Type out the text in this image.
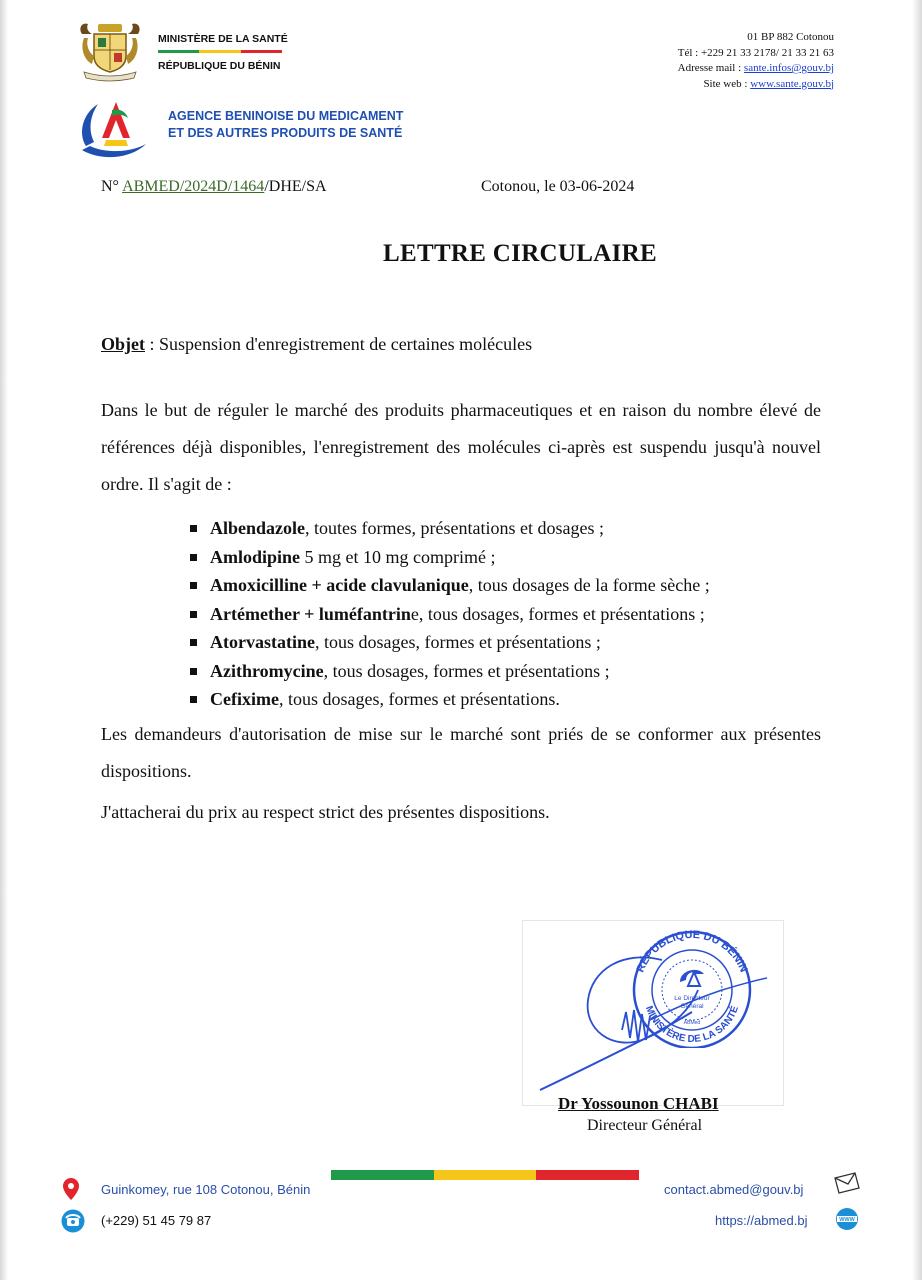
MINISTÈRE DE LA SANTÉ
RÉPUBLIQUE DU BÉNIN
01 BP 882 Cotonou
Tél : +229 21 33 2178/ 21 33 21 63
Adresse mail : sante.infos@gouv.bj
Site web : www.sante.gouv.bj
AGENCE BENINOISE DU MEDICAMENT
ET DES AUTRES PRODUITS DE SANTÉ
N° ABMED/2024D/1464/DHE/SA	Cotonou, le 03-06-2024
LETTRE CIRCULAIRE
Objet : Suspension d'enregistrement de certaines molécules
Dans le but de réguler le marché des produits pharmaceutiques et en raison du nombre élevé de références déjà disponibles, l'enregistrement des molécules ci-après est suspendu jusqu'à nouvel ordre. Il s'agit de :
Albendazole, toutes formes, présentations et dosages ;
Amlodipine 5 mg et 10 mg comprimé ;
Amoxicilline + acide clavulanique, tous dosages de la forme sèche ;
Artémether + luméfantrine, tous dosages, formes et présentations ;
Atorvastatine, tous dosages, formes et présentations ;
Azithromycine, tous dosages, formes et présentations ;
Cefixime, tous dosages, formes et présentations.
Les demandeurs d'autorisation de mise sur le marché sont priés de se conformer aux présentes dispositions.
J'attacherai du prix au respect strict des présentes dispositions.
RÉPUBLIQUE DU BÉNIN
MINISTÈRE DE LA SANTÉ
Le Directeur
Général
ABMed
Dr Yossounon CHABI
Directeur Général
Guinkomey, rue 108 Cotonou, Bénin
(+229) 51 45 79 87
contact.abmed@gouv.bj
https://abmed.bj	WWW
